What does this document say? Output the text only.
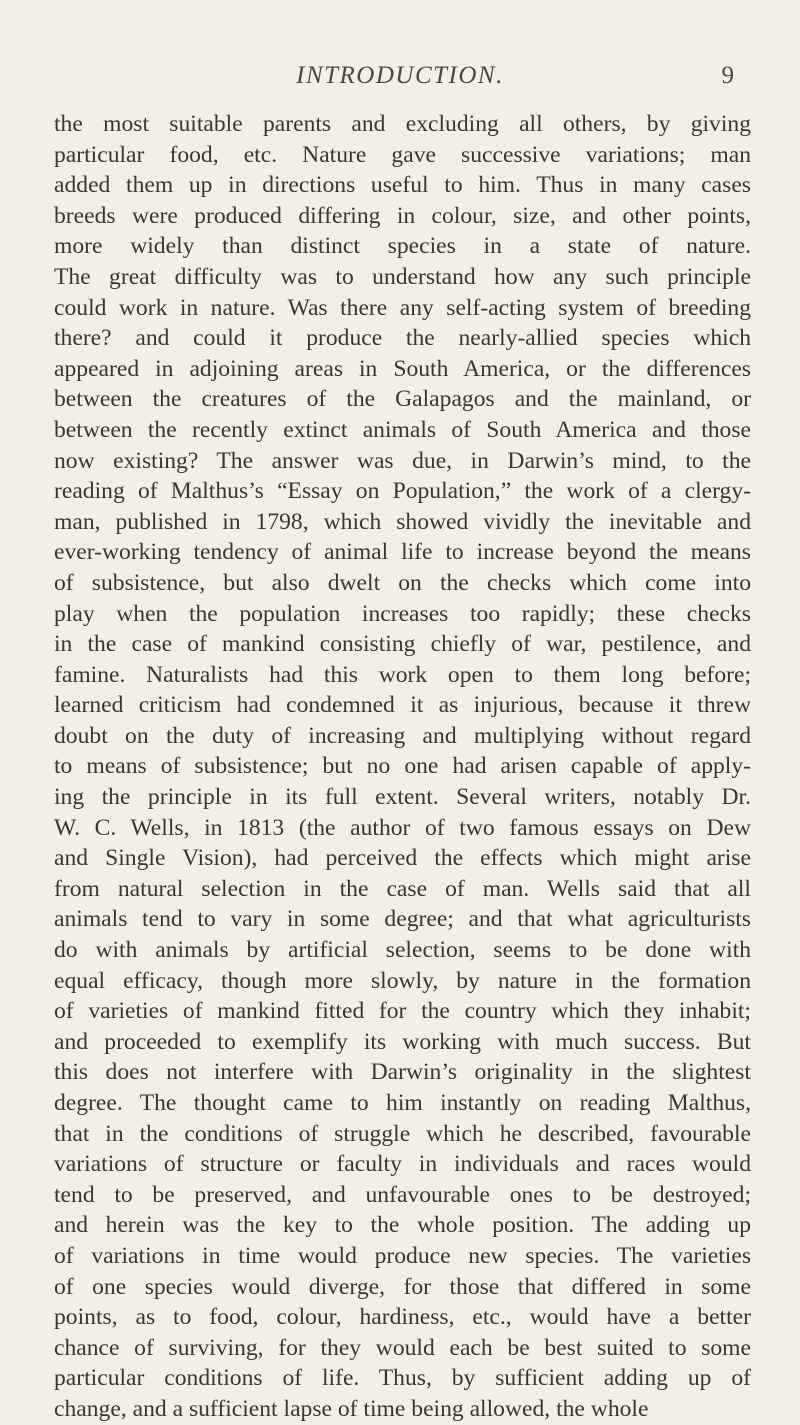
INTRODUCTION.	9
the most suitable parents and excluding all others, by giving
particular food, etc. Nature gave successive variations; man
added them up in directions useful to him. Thus in many cases
breeds were produced differing in colour, size, and other points,
more widely than distinct species in a state of nature.
The great difficulty was to understand how any such principle
could work in nature. Was there any self-acting system of breeding
there? and could it produce the nearly-allied species which
appeared in adjoining areas in South America, or the differences
between the creatures of the Galapagos and the mainland, or
between the recently extinct animals of South America and those
now existing? The answer was due, in Darwin’s mind, to the
reading of Malthus’s “Essay on Population,” the work of a clergy-
man, published in 1798, which showed vividly the inevitable and
ever-working tendency of animal life to increase beyond the means
of subsistence, but also dwelt on the checks which come into
play when the population increases too rapidly; these checks
in the case of mankind consisting chiefly of war, pestilence, and
famine. Naturalists had this work open to them long before;
learned criticism had condemned it as injurious, because it threw
doubt on the duty of increasing and multiplying without regard
to means of subsistence; but no one had arisen capable of apply-
ing the principle in its full extent. Several writers, notably Dr.
W. C. Wells, in 1813 (the author of two famous essays on Dew
and Single Vision), had perceived the effects which might arise
from natural selection in the case of man. Wells said that all
animals tend to vary in some degree; and that what agriculturists
do with animals by artificial selection, seems to be done with
equal efficacy, though more slowly, by nature in the formation
of varieties of mankind fitted for the country which they inhabit;
and proceeded to exemplify its working with much success. But
this does not interfere with Darwin’s originality in the slightest
degree. The thought came to him instantly on reading Malthus,
that in the conditions of struggle which he described, favourable
variations of structure or faculty in individuals and races would
tend to be preserved, and unfavourable ones to be destroyed;
and herein was the key to the whole position. The adding up
of variations in time would produce new species. The varieties
of one species would diverge, for those that differed in some
points, as to food, colour, hardiness, etc., would have a better
chance of surviving, for they would each be best suited to some
particular conditions of life. Thus, by sufficient adding up of
change, and a sufficient lapse of time being allowed, the whole
